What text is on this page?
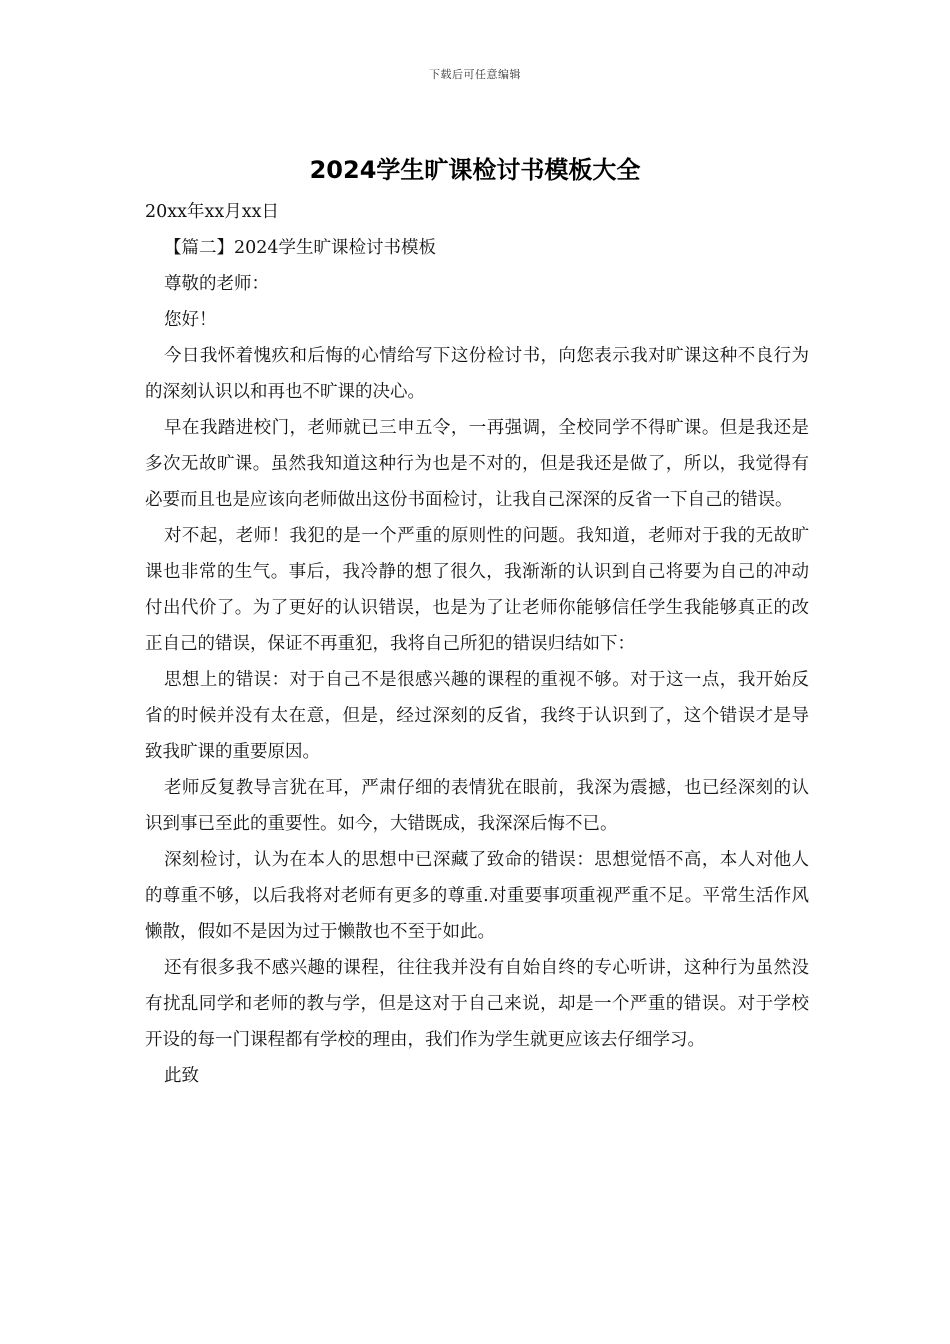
下载后可任意编辑
2024学生旷课检讨书模板大全

20xx年xx月xx日

【篇二】2024学生旷课检讨书模板

尊敬的老师：

您好！

今日我怀着愧疚和后悔的心情给写下这份检讨书，向您表示我对旷课这种不良行为的深刻认识以和再也不旷课的决心。

早在我踏进校门，老师就已三申五令，一再强调，全校同学不得旷课。但是我还是多次无故旷课。虽然我知道这种行为也是不对的，但是我还是做了，所以，我觉得有必要而且也是应该向老师做出这份书面检讨，让我自己深深的反省一下自己的错误。

对不起，老师！我犯的是一个严重的原则性的问题。我知道，老师对于我的无故旷课也非常的生气。事后，我冷静的想了很久，我渐渐的认识到自己将要为自己的冲动付出代价了。为了更好的认识错误，也是为了让老师你能够信任学生我能够真正的改正自己的错误，保证不再重犯，我将自己所犯的错误归结如下：

思想上的错误：对于自己不是很感兴趣的课程的重视不够。对于这一点，我开始反省的时候并没有太在意，但是，经过深刻的反省，我终于认识到了，这个错误才是导致我旷课的重要原因。

老师反复教导言犹在耳，严肃仔细的表情犹在眼前，我深为震撼，也已经深刻的认识到事已至此的重要性。如今，大错既成，我深深后悔不已。

深刻检讨，认为在本人的思想中已深藏了致命的错误：思想觉悟不高，本人对他人的尊重不够，以后我将对老师有更多的尊重.对重要事项重视严重不足。平常生活作风懒散，假如不是因为过于懒散也不至于如此。

还有很多我不感兴趣的课程，往往我并没有自始自终的专心听讲，这种行为虽然没有扰乱同学和老师的教与学，但是这对于自己来说，却是一个严重的错误。对于学校开设的每一门课程都有学校的理由，我们作为学生就更应该去仔细学习。

此致
